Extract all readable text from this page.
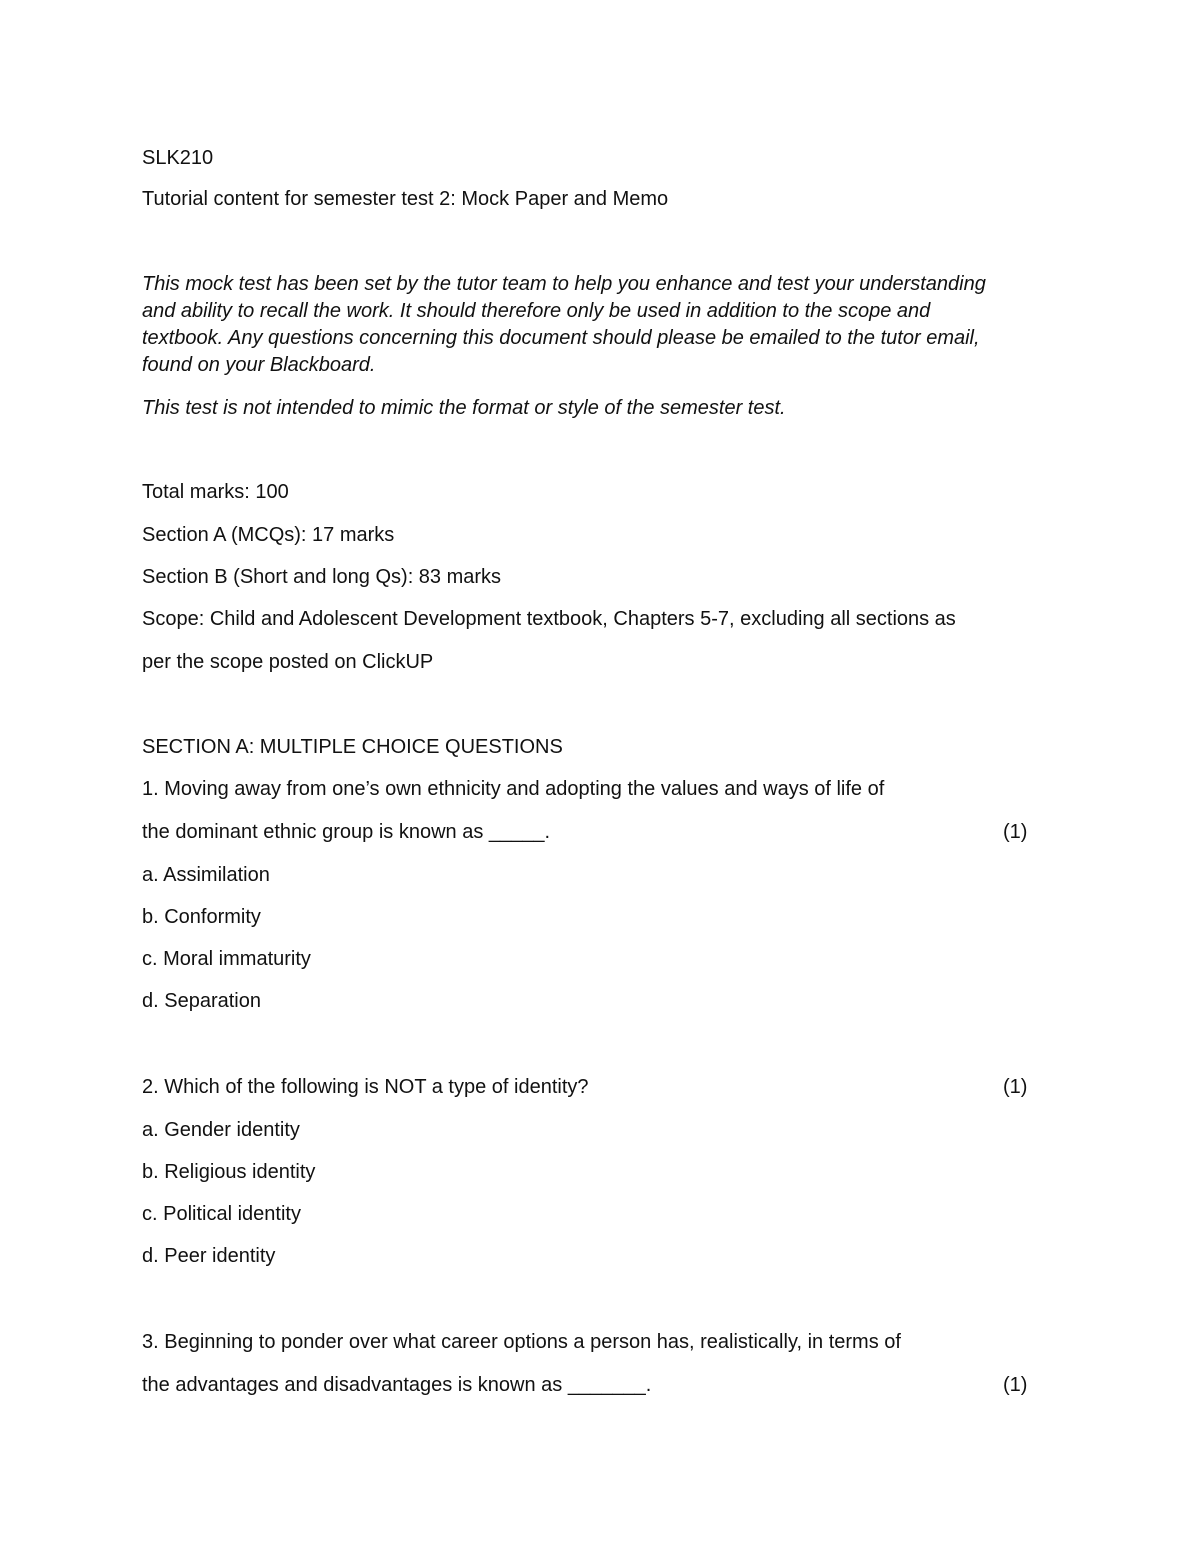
SLK210
Tutorial content for semester test 2: Mock Paper and Memo
This mock test has been set by the tutor team to help you enhance and test your understanding
and ability to recall the work. It should therefore only be used in addition to the scope and
textbook. Any questions concerning this document should please be emailed to the tutor email,
found on your Blackboard.
This test is not intended to mimic the format or style of the semester test.
Total marks: 100
Section A (MCQs): 17 marks
Section B (Short and long Qs): 83 marks
Scope: Child and Adolescent Development textbook, Chapters 5-7, excluding all sections as
per the scope posted on ClickUP
SECTION A: MULTIPLE CHOICE QUESTIONS
1. Moving away from one’s own ethnicity and adopting the values and ways of life of
the dominant ethnic group is known as _____.	(1)
a. Assimilation
b. Conformity
c. Moral immaturity
d. Separation
2. Which of the following is NOT a type of identity?	(1)
a. Gender identity
b. Religious identity
c. Political identity
d. Peer identity
3. Beginning to ponder over what career options a person has, realistically, in terms of
the advantages and disadvantages is known as _______.	(1)
